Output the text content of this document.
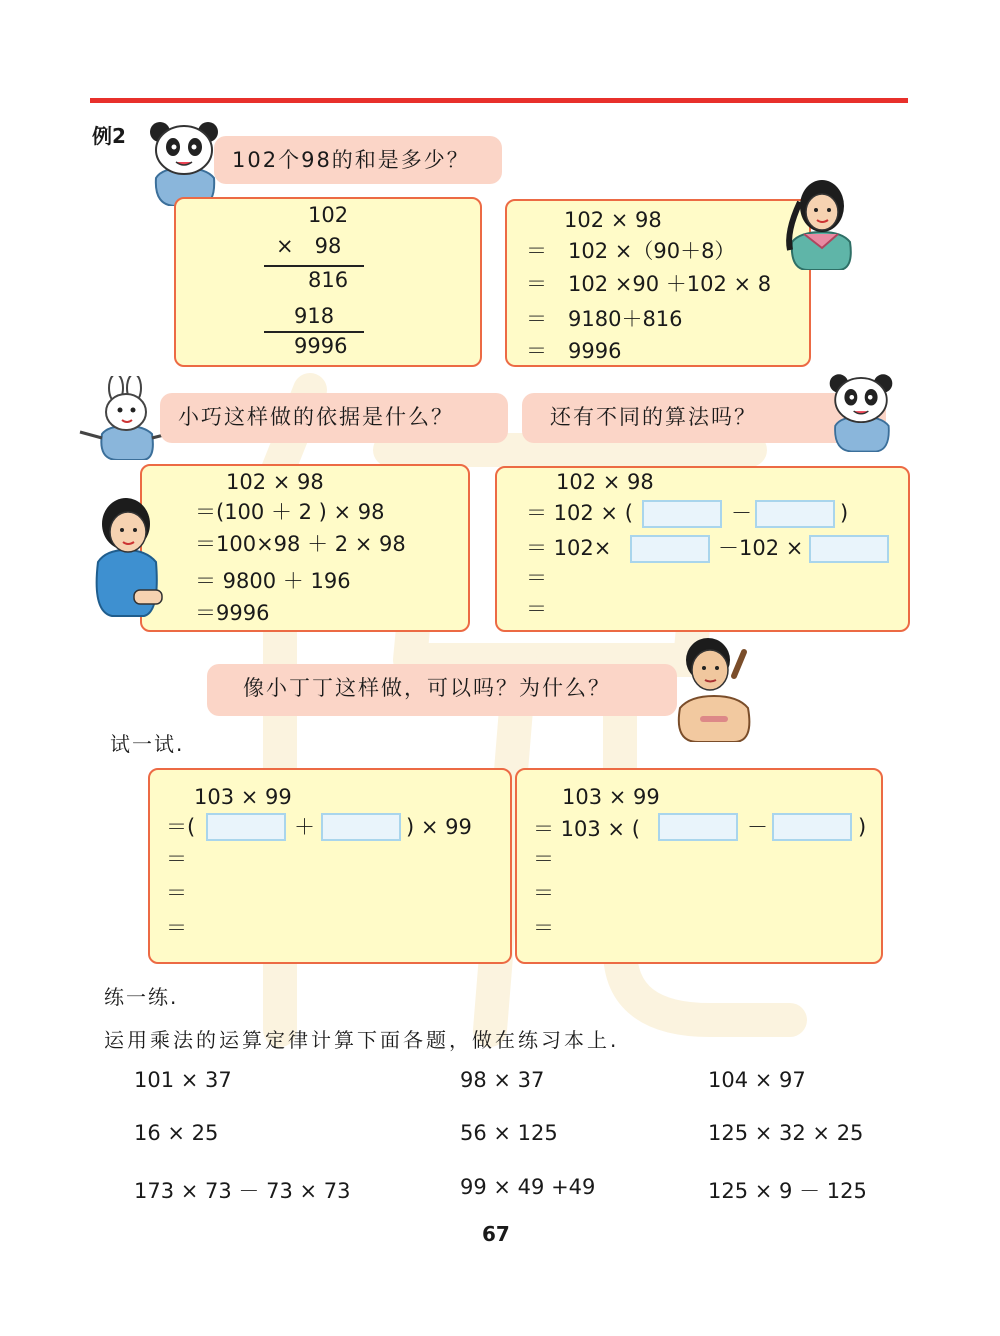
例2
102个98的和是多少？
102
×　98
816
918
9996
102 × 98
＝　102 ×（90＋8）
＝　102 ×90 ＋102 × 8
＝　9180＋816
＝　9996
小巧这样做的依据是什么？	还有不同的算法吗？
102 × 98
＝(100 ＋ 2 ) × 98
＝100×98 ＋ 2 × 98
＝ 9800 ＋ 196
＝9996
102 × 98
＝ 102 × (	－	)
＝ 102×	－102 ×
＝
＝
像小丁丁这样做，可以吗？为什么？
试一试.
103 × 99
＝(	＋	) × 99
＝
＝
＝
103 × 99
＝ 103 × (	－	)
＝
＝
＝
练一练.
运用乘法的运算定律计算下面各题，做在练习本上.
101 × 37	98 × 37	104 × 97
16 × 25	56 × 125	125 × 32 × 25
173 × 73 － 73 × 73	99 × 49 +49	125 × 9 － 125
67
